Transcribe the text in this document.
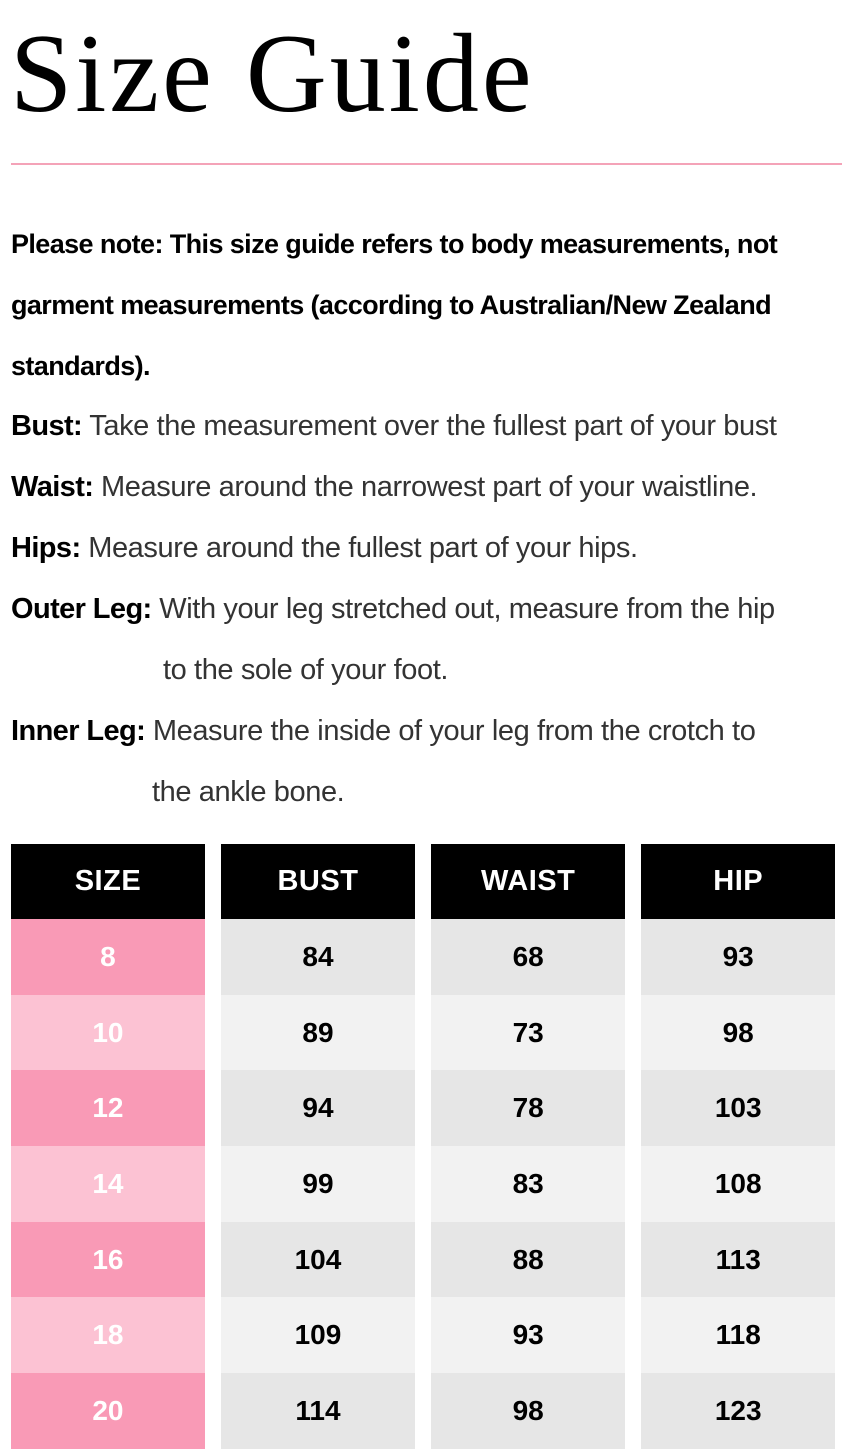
Size Guide

Please note: This size guide refers to body measurements, not garment measurements (according to Australian/New Zealand standards).

Bust: Take the measurement over the fullest part of your bust
Waist: Measure around the narrowest part of your waistline.
Hips: Measure around the fullest part of your hips.
Outer Leg: With your leg stretched out, measure from the hip
to the sole of your foot.
Inner Leg: Measure the inside of your leg from the crotch to
the ankle bone.
SIZE	BUST	WAIST	HIP
8	84	68	93
10	89	73	98
12	94	78	103
14	99	83	108
16	104	88	113
18	109	93	118
20	114	98	123
